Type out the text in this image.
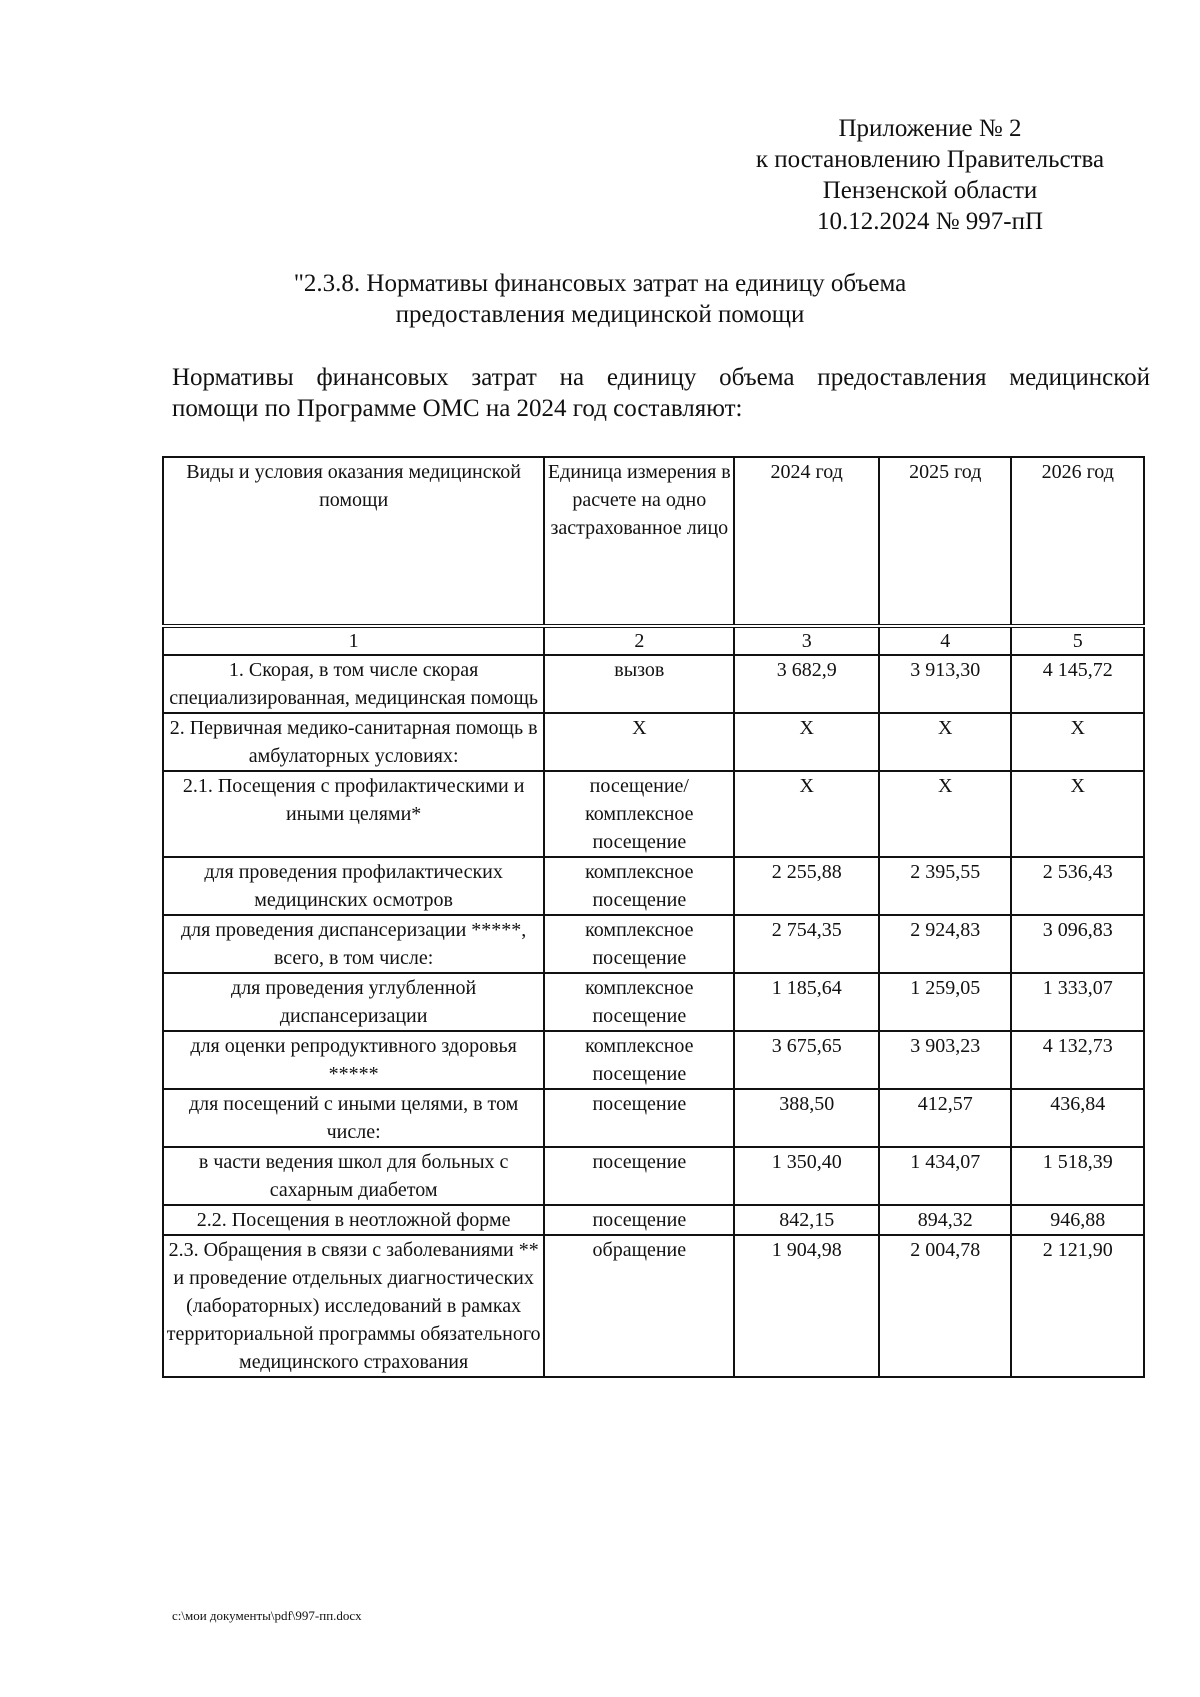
Приложение № 2
к постановлению Правительства
Пензенской области
10.12.2024 № 997-пП
"2.3.8. Нормативы финансовых затрат на единицу объема
предоставления медицинской помощи
Нормативы финансовых затрат на единицу объема предоставления медицинской
помощи по Программе ОМС на 2024 год составляют:
Виды и условия оказания медицинской помощи	Единица измерения в расчете на одно застрахованное лицо	2024 год	2025 год	2026 год
1	2	3	4	5
1. Скорая, в том числе скорая специализированная, медицинская помощь	вызов	3 682,9	3 913,30	4 145,72
2. Первичная медико-санитарная помощь в амбулаторных условиях:	Х	Х	Х	Х
2.1. Посещения с профилактическими и иными целями*	посещение/ комплексное посещение	Х	Х	Х
для проведения профилактических медицинских осмотров	комплексное посещение	2 255,88	2 395,55	2 536,43
для проведения диспансеризации *****, всего, в том числе:	комплексное посещение	2 754,35	2 924,83	3 096,83
для проведения углубленной диспансеризации	комплексное посещение	1 185,64	1 259,05	1 333,07
для оценки репродуктивного здоровья *****	комплексное посещение	3 675,65	3 903,23	4 132,73
для посещений с иными целями, в том числе:	посещение	388,50	412,57	436,84
в части ведения школ для больных с сахарным диабетом	посещение	1 350,40	1 434,07	1 518,39
2.2. Посещения в неотложной форме	посещение	842,15	894,32	946,88
2.3. Обращения в связи с заболеваниями ** и проведение отдельных диагностических (лабораторных) исследований в рамках территориальной программы обязательного медицинского страхования	обращение	1 904,98	2 004,78	2 121,90
c:\мои документы\pdf\997-пп.docx
